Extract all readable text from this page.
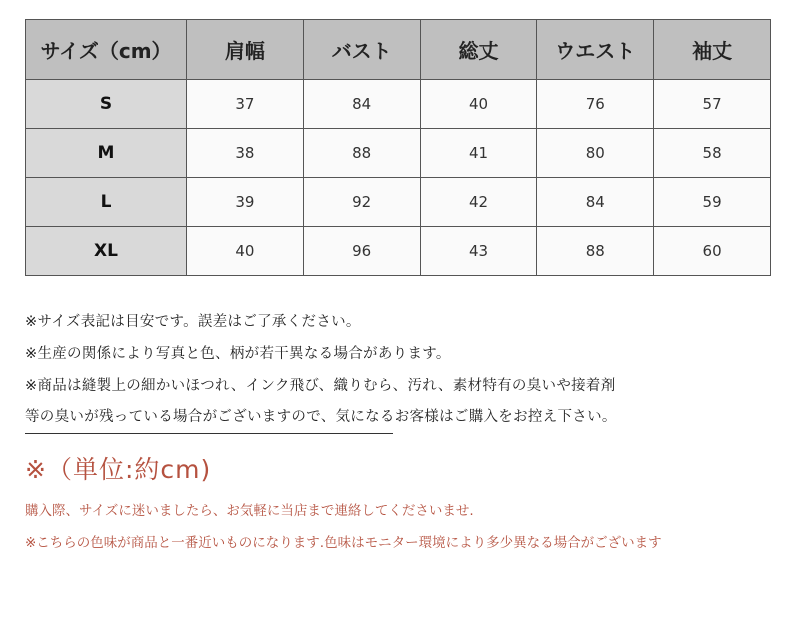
サイズ（cm）	肩幅	バスト	総丈	ウエスト	袖丈
S	37	84	40	76	57
M	38	88	41	80	58
L	39	92	42	84	59
XL	40	96	43	88	60
※サイズ表記は目安です。誤差はご了承ください。
※生産の関係により写真と色、柄が若干異なる場合があります。
※商品は縫製上の細かいほつれ、インク飛び、織りむら、汚れ、素材特有の臭いや接着剤
等の臭いが残っている場合がございますので、気になるお客様はご購入をお控え下さい。
※（単位:約cm)
購入際、サイズに迷いましたら、お気軽に当店まで連絡してくださいませ.
※こちらの色味が商品と一番近いものになります.色味はモニター環境により多少異なる場合がございます
